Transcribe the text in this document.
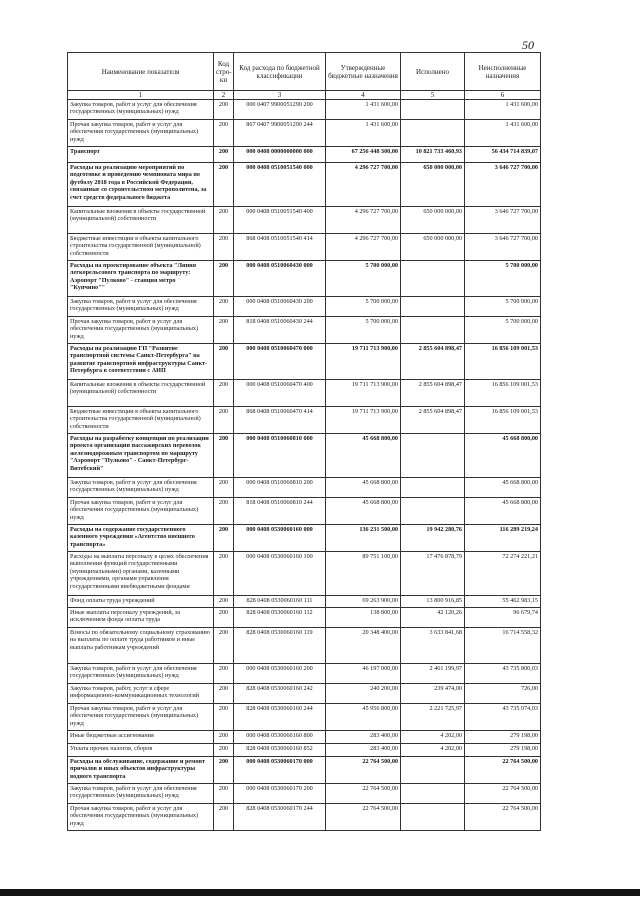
50
Наименование показателя	Код стро-ки	Код расхода по бюджетной классификации	Утвержденные бюджетные назначения	Исполнено	Неисполненные назначения
1	2	3	4	5	6
Закупка товаров, работ и услуг для обеспечения государственных (муниципальных) нужд	200	000 0407 9900051290 200	1 431 600,00		1 431 600,00
Прочая закупка товаров, работ и услуг для обеспечения государственных (муниципальных) нужд	200	867 0407 9900051290 244	1 431 600,00		1 431 600,00
Транспорт	200	000 0408 0000000000 000	67 256 448 300,00	10 821 733 460,93	56 434 714 839,07
Расходы на реализацию мероприятий по подготовке и проведению чемпионата мира по футболу 2018 года в Российской Федерации, связанные со строительством метрополитена, за счет средств федерального бюджета	200	000 0408 0510051540 000	4 296 727 700,00	650 000 000,00	3 646 727 700,00
Капитальные вложения в объекты государственной (муниципальной) собственности	200	000 0408 0510051540 400	4 296 727 700,00	650 000 000,00	3 646 727 700,00
Бюджетные инвестиции в объекты капитального строительства государственной (муниципальной) собственности	200	868 0408 0510051540 414	4 296 727 700,00	650 000 000,00	3 646 727 700,00
Расходы на проектирование объекта "Линия легкорельсового транспорта по маршруту: Аэропорт "Пулково" - станция метро "Купчино""	200	000 0408 0510060430 000	5 700 000,00		5 700 000,00
Закупка товаров, работ и услуг для обеспечения государственных (муниципальных) нужд	200	000 0408 0510060430 200	5 700 000,00		5 700 000,00
Прочая закупка товаров, работ и услуг для обеспечения государственных (муниципальных) нужд	200	818 0408 0510060430 244	5 700 000,00		5 700 000,00
Расходы на реализацию ГП "Развитие транспортной системы Санкт-Петербурга" на развитие транспортной инфраструктуры Санкт-Петербурга в соответствии с АИП	200	000 0408 0510060470 000	19 711 713 900,00	2 855 604 898,47	16 856 109 001,53
Капитальные вложения в объекты государственной (муниципальной) собственности	200	000 0408 0510060470 400	19 711 713 900,00	2 855 604 898,47	16 856 109 001,53
Бюджетные инвестиции в объекты капитального строительства государственной (муниципальной) собственности	200	868 0408 0510060470 414	19 711 713 900,00	2 855 604 898,47	16 856 109 001,53
Расходы на разработку концепции по реализации проекта организации пассажирских перевозок железнодорожным транспортом по маршруту "Аэропорт "Пулково" - Санкт-Петербург-Витебский"	200	000 0408 0510060810 000	45 668 800,00		45 668 800,00
Закупка товаров, работ и услуг для обеспечения государственных (муниципальных) нужд	200	000 0408 0510060810 200	45 668 800,00		45 668 800,00
Прочая закупка товаров, работ и услуг для обеспечения государственных (муниципальных) нужд	200	818 0408 0510060810 244	45 668 800,00		45 668 800,00
Расходы на содержание государственного казенного учреждения «Агентство внешнего транспорта»	200	000 0408 0530060160 000	136 231 500,00	19 942 280,76	116 289 219,24
Расходы на выплаты персоналу в целях обеспечения выполнения функций государственными (муниципальными) органами, казенными учреждениями, органами управления государственными внебюджетными фондами	200	000 0408 0530060160 100	89 751 100,00	17 476 878,79	72 274 221,21
Фонд оплаты труда учреждений	200	828 0408 0530060160 111	69 263 900,00	13 800 916,85	55 462 983,15
Иные выплаты персоналу учреждений, за исключением фонда оплаты труда	200	828 0408 0530060160 112	138 800,00	42 120,26	96 679,74
Взносы по обязательному социальному страхованию на выплаты по оплате труда работников и иные выплаты работникам учреждений	200	828 0408 0530060160 119	20 348 400,00	3 633 841,68	16 714 558,32
Закупка товаров, работ и услуг для обеспечения государственных (муниципальных) нужд	200	000 0408 0530060160 200	46 197 000,00	2 461 199,97	43 735 800,03
Закупка товаров, работ, услуг в сфере информационно-коммуникационных технологий	200	828 0408 0530060160 242	240 200,00	239 474,00	726,00
Прочая закупка товаров, работ и услуг для обеспечения государственных (муниципальных) нужд	200	828 0408 0530060160 244	45 956 800,00	2 221 725,97	43 735 074,03
Иные бюджетные ассигнования	200	000 0408 0530060160 800	283 400,00	4 202,00	279 198,00
Уплата прочих налогов, сборов	200	828 0408 0530060160 852	283 400,00	4 202,00	279 198,00
Расходы на обслуживание, содержание и ремонт причалов и иных объектов инфраструктуры водного транспорта	200	000 0408 0530060170 000	22 764 500,00		22 764 500,00
Закупка товаров, работ и услуг для обеспечения государственных (муниципальных) нужд	200	000 0408 0530060170 200	22 764 500,00		22 764 500,00
Прочая закупка товаров, работ и услуг для обеспечения государственных (муниципальных) нужд	200	828 0408 0530060170 244	22 764 500,00		22 764 500,00
